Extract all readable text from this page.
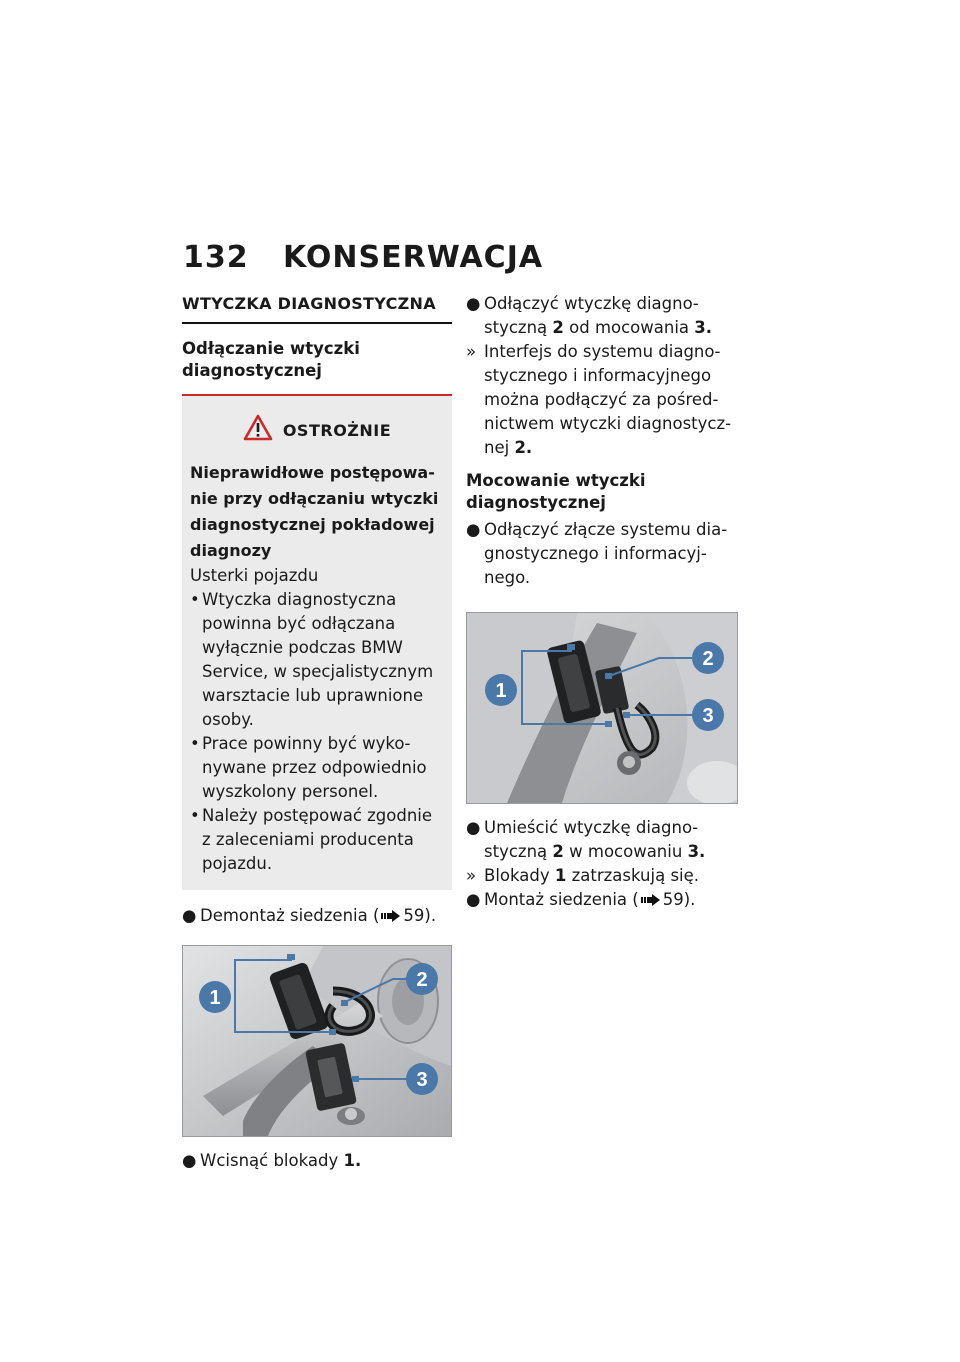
132 KONSERWACJA
WTYCZKA DIAGNOSTYCZNA
Odłączanie wtyczki diagnostycznej
OSTROŻNIE
Nieprawidłowe postępowanie przy odłączaniu wtyczki diagnostycznej pokładowej diagnozy
Usterki pojazdu
• Wtyczka diagnostyczna powinna być odłączana wyłącznie podczas BMW Service, w specjalistycznym warsztacie lub uprawnione osoby.
• Prace powinny być wykonywane przez odpowiednio wyszkolony personel.
• Należy postępować zgodnie z zaleceniami producenta pojazdu.
● Demontaż siedzenia ( 59).
1
2
3
● Wcisnąć blokady 1.
● Odłączyć wtyczkę diagnostyczną 2 od mocowania 3.
» Interfejs do systemu diagnostycznego i informacyjnego można podłączyć za pośrednictwem wtyczki diagnostycznej 2.
Mocowanie wtyczki diagnostycznej
● Odłączyć złącze systemu diagnostycznego i informacyjnego.
1
2
3
● Umieścić wtyczkę diagnostyczną 2 w mocowaniu 3.
» Blokady 1 zatrzaskują się.
● Montaż siedzenia ( 59).
